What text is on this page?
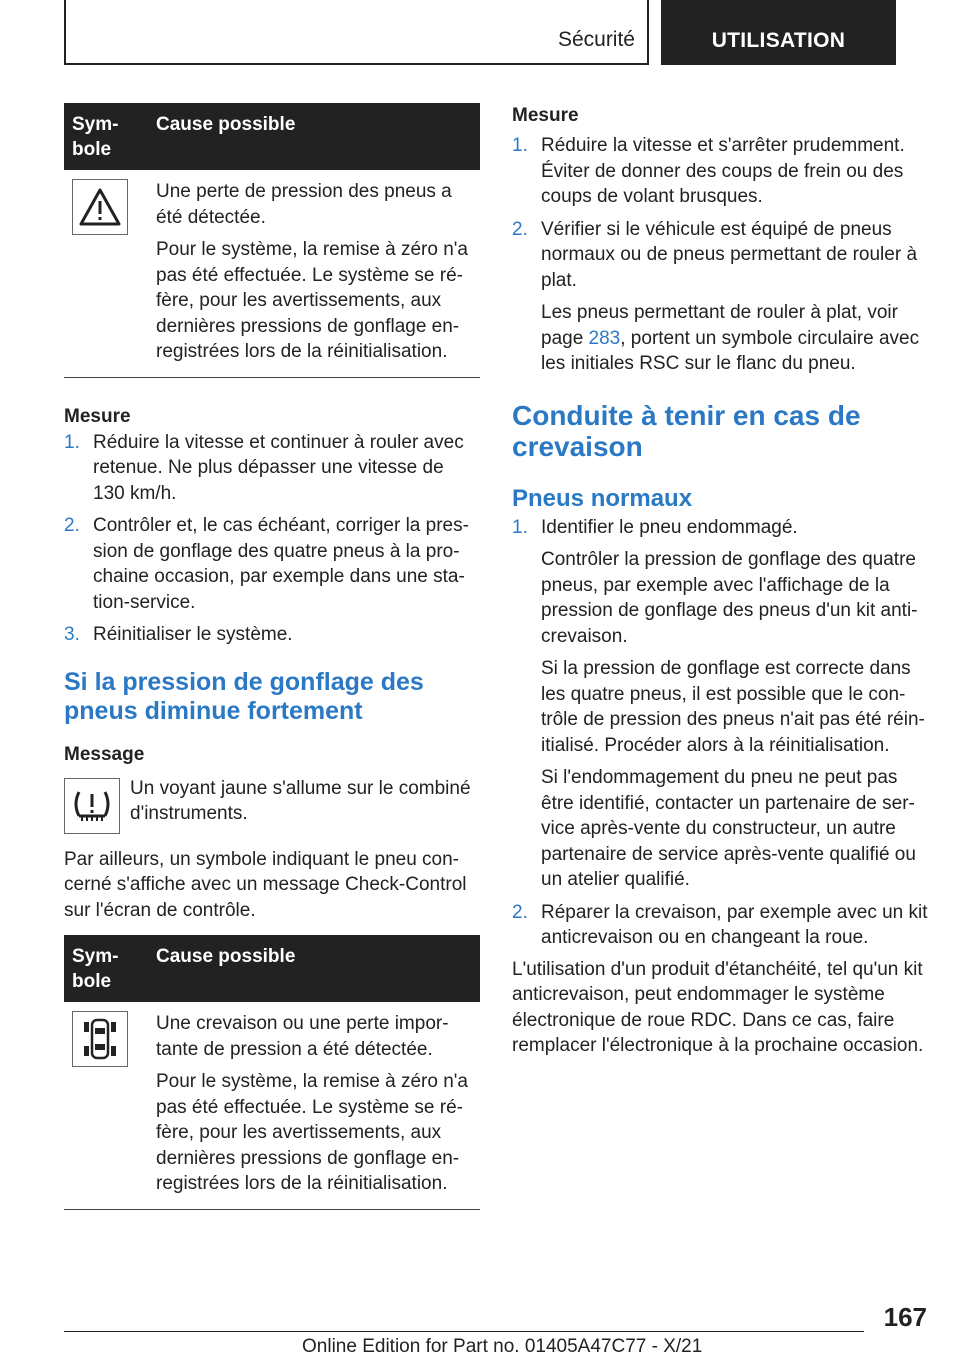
Sécurité	UTILISATION
Sym-
bole	Cause possible

Une perte de pression des pneus a été détectée.

Pour le système, la remise à zéro n'a pas été effectuée. Le système se ré-fère, pour les avertissements, aux dernières pressions de gonflage en-registrées lors de la réinitialisation.

Mesure
1. Réduire la vitesse et continuer à rouler avec retenue. Ne plus dépasser une vitesse de 130 km/h.

2. Contrôler et, le cas échéant, corriger la pres-sion de gonflage des quatre pneus à la pro-chaine occasion, par exemple dans une sta-tion-service.

3. Réinitialiser le système.

Si la pression de gonflage des pneus diminue fortement
Message

Un voyant jaune s'allume sur le combiné d'instruments.

Par ailleurs, un symbole indiquant le pneu con-cerné s'affiche avec un message Check-Control sur l'écran de contrôle.

Sym-
bole	Cause possible

Une crevaison ou une perte impor-tante de pression a été détectée.

Pour le système, la remise à zéro n'a pas été effectuée. Le système se ré-fère, pour les avertissements, aux dernières pressions de gonflage en-registrées lors de la réinitialisation.

Mesure
1. Réduire la vitesse et s'arrêter prudemment. Éviter de donner des coups de frein ou des coups de volant brusques.

2. Vérifier si le véhicule est équipé de pneus normaux ou de pneus permettant de rouler à plat.

Les pneus permettant de rouler à plat, voir page 283, portent un symbole circulaire avec les initiales RSC sur le flanc du pneu.

Conduite à tenir en cas de crevaison
Pneus normaux
1. Identifier le pneu endommagé.

Contrôler la pression de gonflage des quatre pneus, par exemple avec l'affichage de la pression de gonflage des pneus d'un kit anti-crevaison.

Si la pression de gonflage est correcte dans les quatre pneus, il est possible que le con-trôle de pression des pneus n'ait pas été réin-itialisé. Procéder alors à la réinitialisation.

Si l'endommagement du pneu ne peut pas être identifié, contacter un partenaire de ser-vice après-vente du constructeur, un autre partenaire de service après-vente qualifié ou un atelier qualifié.

2. Réparer la crevaison, par exemple avec un kit anticrevaison ou en changeant la roue.

L'utilisation d'un produit d'étanchéité, tel qu'un kit anticrevaison, peut endommager le système électronique de roue RDC. Dans ce cas, faire remplacer l'électronique à la prochaine occasion.

167
Online Edition for Part no. 01405A47C77 - X/21
